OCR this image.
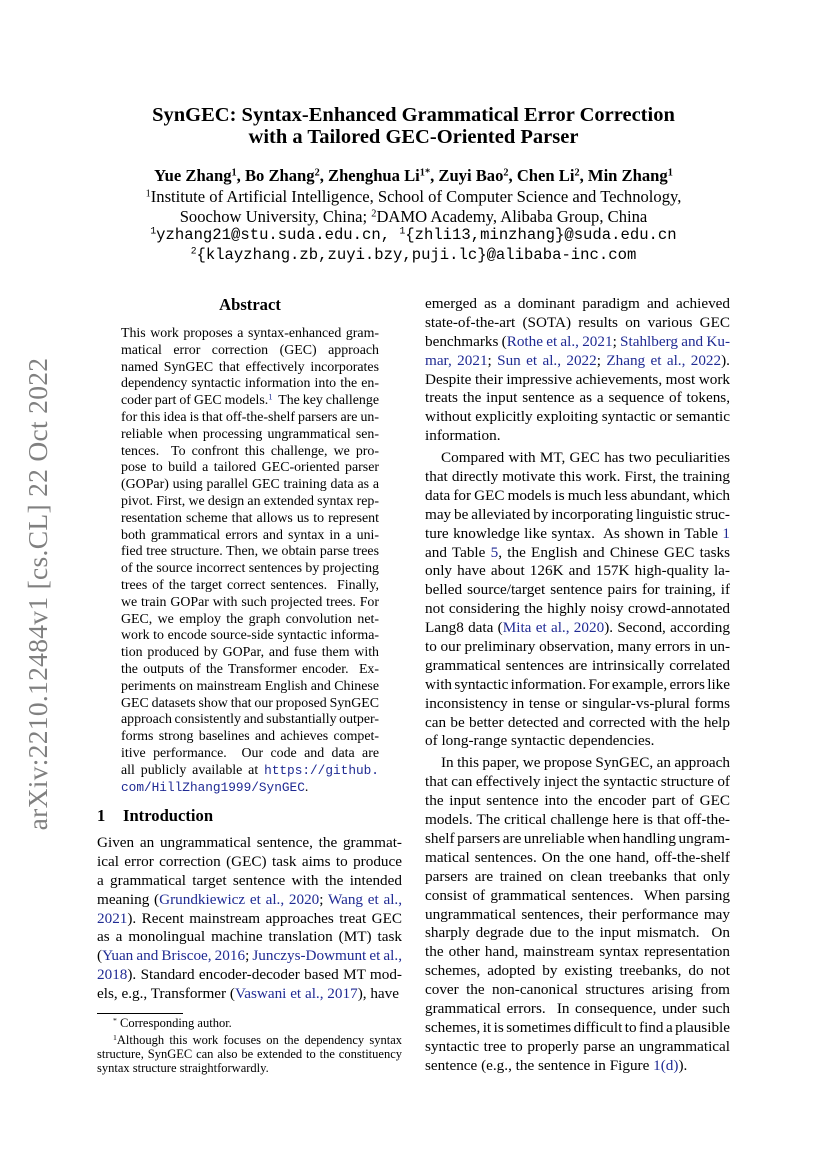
arXiv:2210.12484v1 [cs.CL] 22 Oct 2022
SynGEC: Syntax-Enhanced Grammatical Error Correction
with a Tailored GEC-Oriented Parser
Yue Zhang$^1$, Bo Zhang$^2$, Zhenghua $Li^{1*}$, Zuyi Bao$^2$, Chen Li$^2$, Min Zhang$^1$
$^1$Institute of Artificial Intelligence, School of Computer Science and Technology,
Soochow University, China; $^2$DAMO Academy, Alibaba Group, China
$^1$yzhang21@stu.suda.edu.cn, $^1${zhli13,minzhang}@suda.edu.cn
$^2${klayzhang.zb,zuyi.bzy,puji.lc}@alibaba-inc.com
Abstract
This work proposes a syntax-enhanced gram-
matical error correction (GEC) approach
named SynGEC that effectively incorporates
dependency syntactic information into the en-
coder part of GEC models.$^1$  The key challenge
for this idea is that off-the-shelf parsers are un-
reliable when processing ungrammatical sen-
tences.  To confront this challenge, we pro-
pose to build a tailored GEC-oriented parser
(GOPar) using parallel GEC training data as a
pivot. First, we design an extended syntax rep-
resentation scheme that allows us to represent
both grammatical errors and syntax in a uni-
fied tree structure. Then, we obtain parse trees
of the source incorrect sentences by projecting
trees of the target correct sentences.  Finally,
we train GOPar with such projected trees. For
GEC, we employ the graph convolution net-
work to encode source-side syntactic informa-
tion produced by GOPar, and fuse them with
the outputs of the Transformer encoder.  Ex-
periments on mainstream English and Chinese
GEC datasets show that our proposed SynGEC
approach consistently and substantially outper-
forms strong baselines and achieves compet-
itive performance.  Our code and data are
all publicly available at https://github.
com/HillZhang1999/SynGEC.
1 Introduction
Given an ungrammatical sentence, the grammat-
ical error correction (GEC) task aims to produce
a grammatical target sentence with the intended
meaning (Grundkiewicz et al., 2020; Wang et al.,
2021). Recent mainstream approaches treat GEC
as a monolingual machine translation (MT) task
(Yuan and Briscoe, 2016; Junczys-Dowmunt et al.,
2018). Standard encoder-decoder based MT mod-
els, e.g., Transformer (Vaswani et al., 2017), have
* Corresponding author.
$^1$Although this work focuses on the dependency syntax
structure, SynGEC can also be extended to the constituency
syntax structure straightforwardly.
emerged as a dominant paradigm and achieved
state-of-the-art (SOTA) results on various GEC
benchmarks (Rothe et al., 2021; Stahlberg and Ku-
mar, 2021; Sun et al., 2022; Zhang et al., 2022).
Despite their impressive achievements, most work
treats the input sentence as a sequence of tokens,
without explicitly exploiting syntactic or semantic
information.
Compared with MT, GEC has two peculiarities
that directly motivate this work. First, the training
data for GEC models is much less abundant, which
may be alleviated by incorporating linguistic struc-
ture knowledge like syntax.  As shown in Table 1
and Table 5, the English and Chinese GEC tasks
only have about 126K and 157K high-quality la-
belled source/target sentence pairs for training, if
not considering the highly noisy crowd-annotated
Lang8 data (Mita et al., 2020). Second, according
to our preliminary observation, many errors in un-
grammatical sentences are intrinsically correlated
with syntactic information. For example, errors like
inconsistency in tense or singular-vs-plural forms
can be better detected and corrected with the help
of long-range syntactic dependencies.
In this paper, we propose SynGEC, an approach
that can effectively inject the syntactic structure of
the input sentence into the encoder part of GEC
models. The critical challenge here is that off-the-
shelf parsers are unreliable when handling ungram-
matical sentences. On the one hand, off-the-shelf
parsers are trained on clean treebanks that only
consist of grammatical sentences.  When parsing
ungrammatical sentences, their performance may
sharply degrade due to the input mismatch.  On
the other hand, mainstream syntax representation
schemes, adopted by existing treebanks, do not
cover the non-canonical structures arising from
grammatical errors.  In consequence, under such
schemes, it is sometimes difficult to find a plausible
syntactic tree to properly parse an ungrammatical
sentence (e.g., the sentence in Figure 1(d)).
